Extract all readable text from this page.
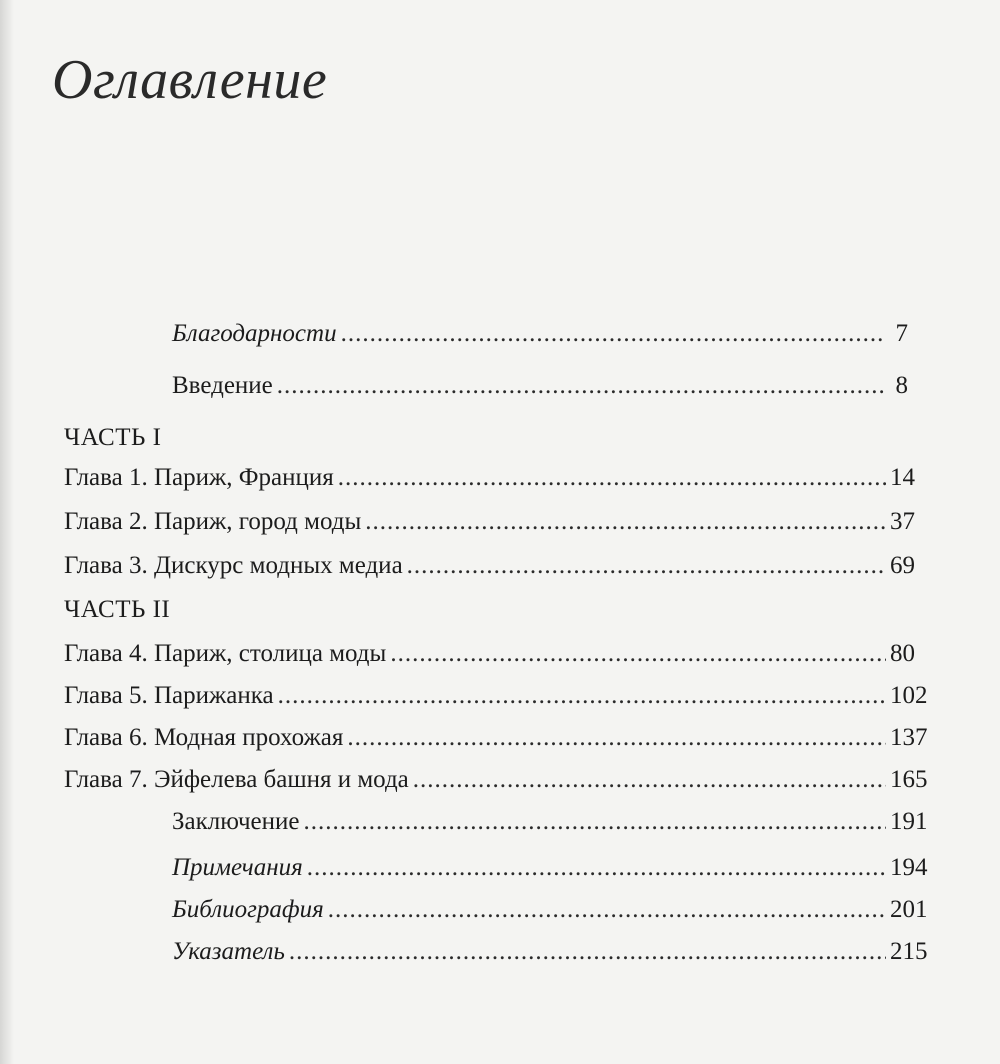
Оглавление
Благодарности .....	7
Введение .....	8
ЧАСТЬ I
Глава 1. Париж, Франция .....	14
Глава 2. Париж, город моды .....	37
Глава 3. Дискурс модных медиа .....	69
ЧАСТЬ II
Глава 4. Париж, столица моды .....	80
Глава 5. Парижанка .....	102
Глава 6. Модная прохожая .....	137
Глава 7. Эйфелева башня и мода .....	165
Заключение .....	191
Примечания .....	194
Библиография .....	201
Указатель .....	215
